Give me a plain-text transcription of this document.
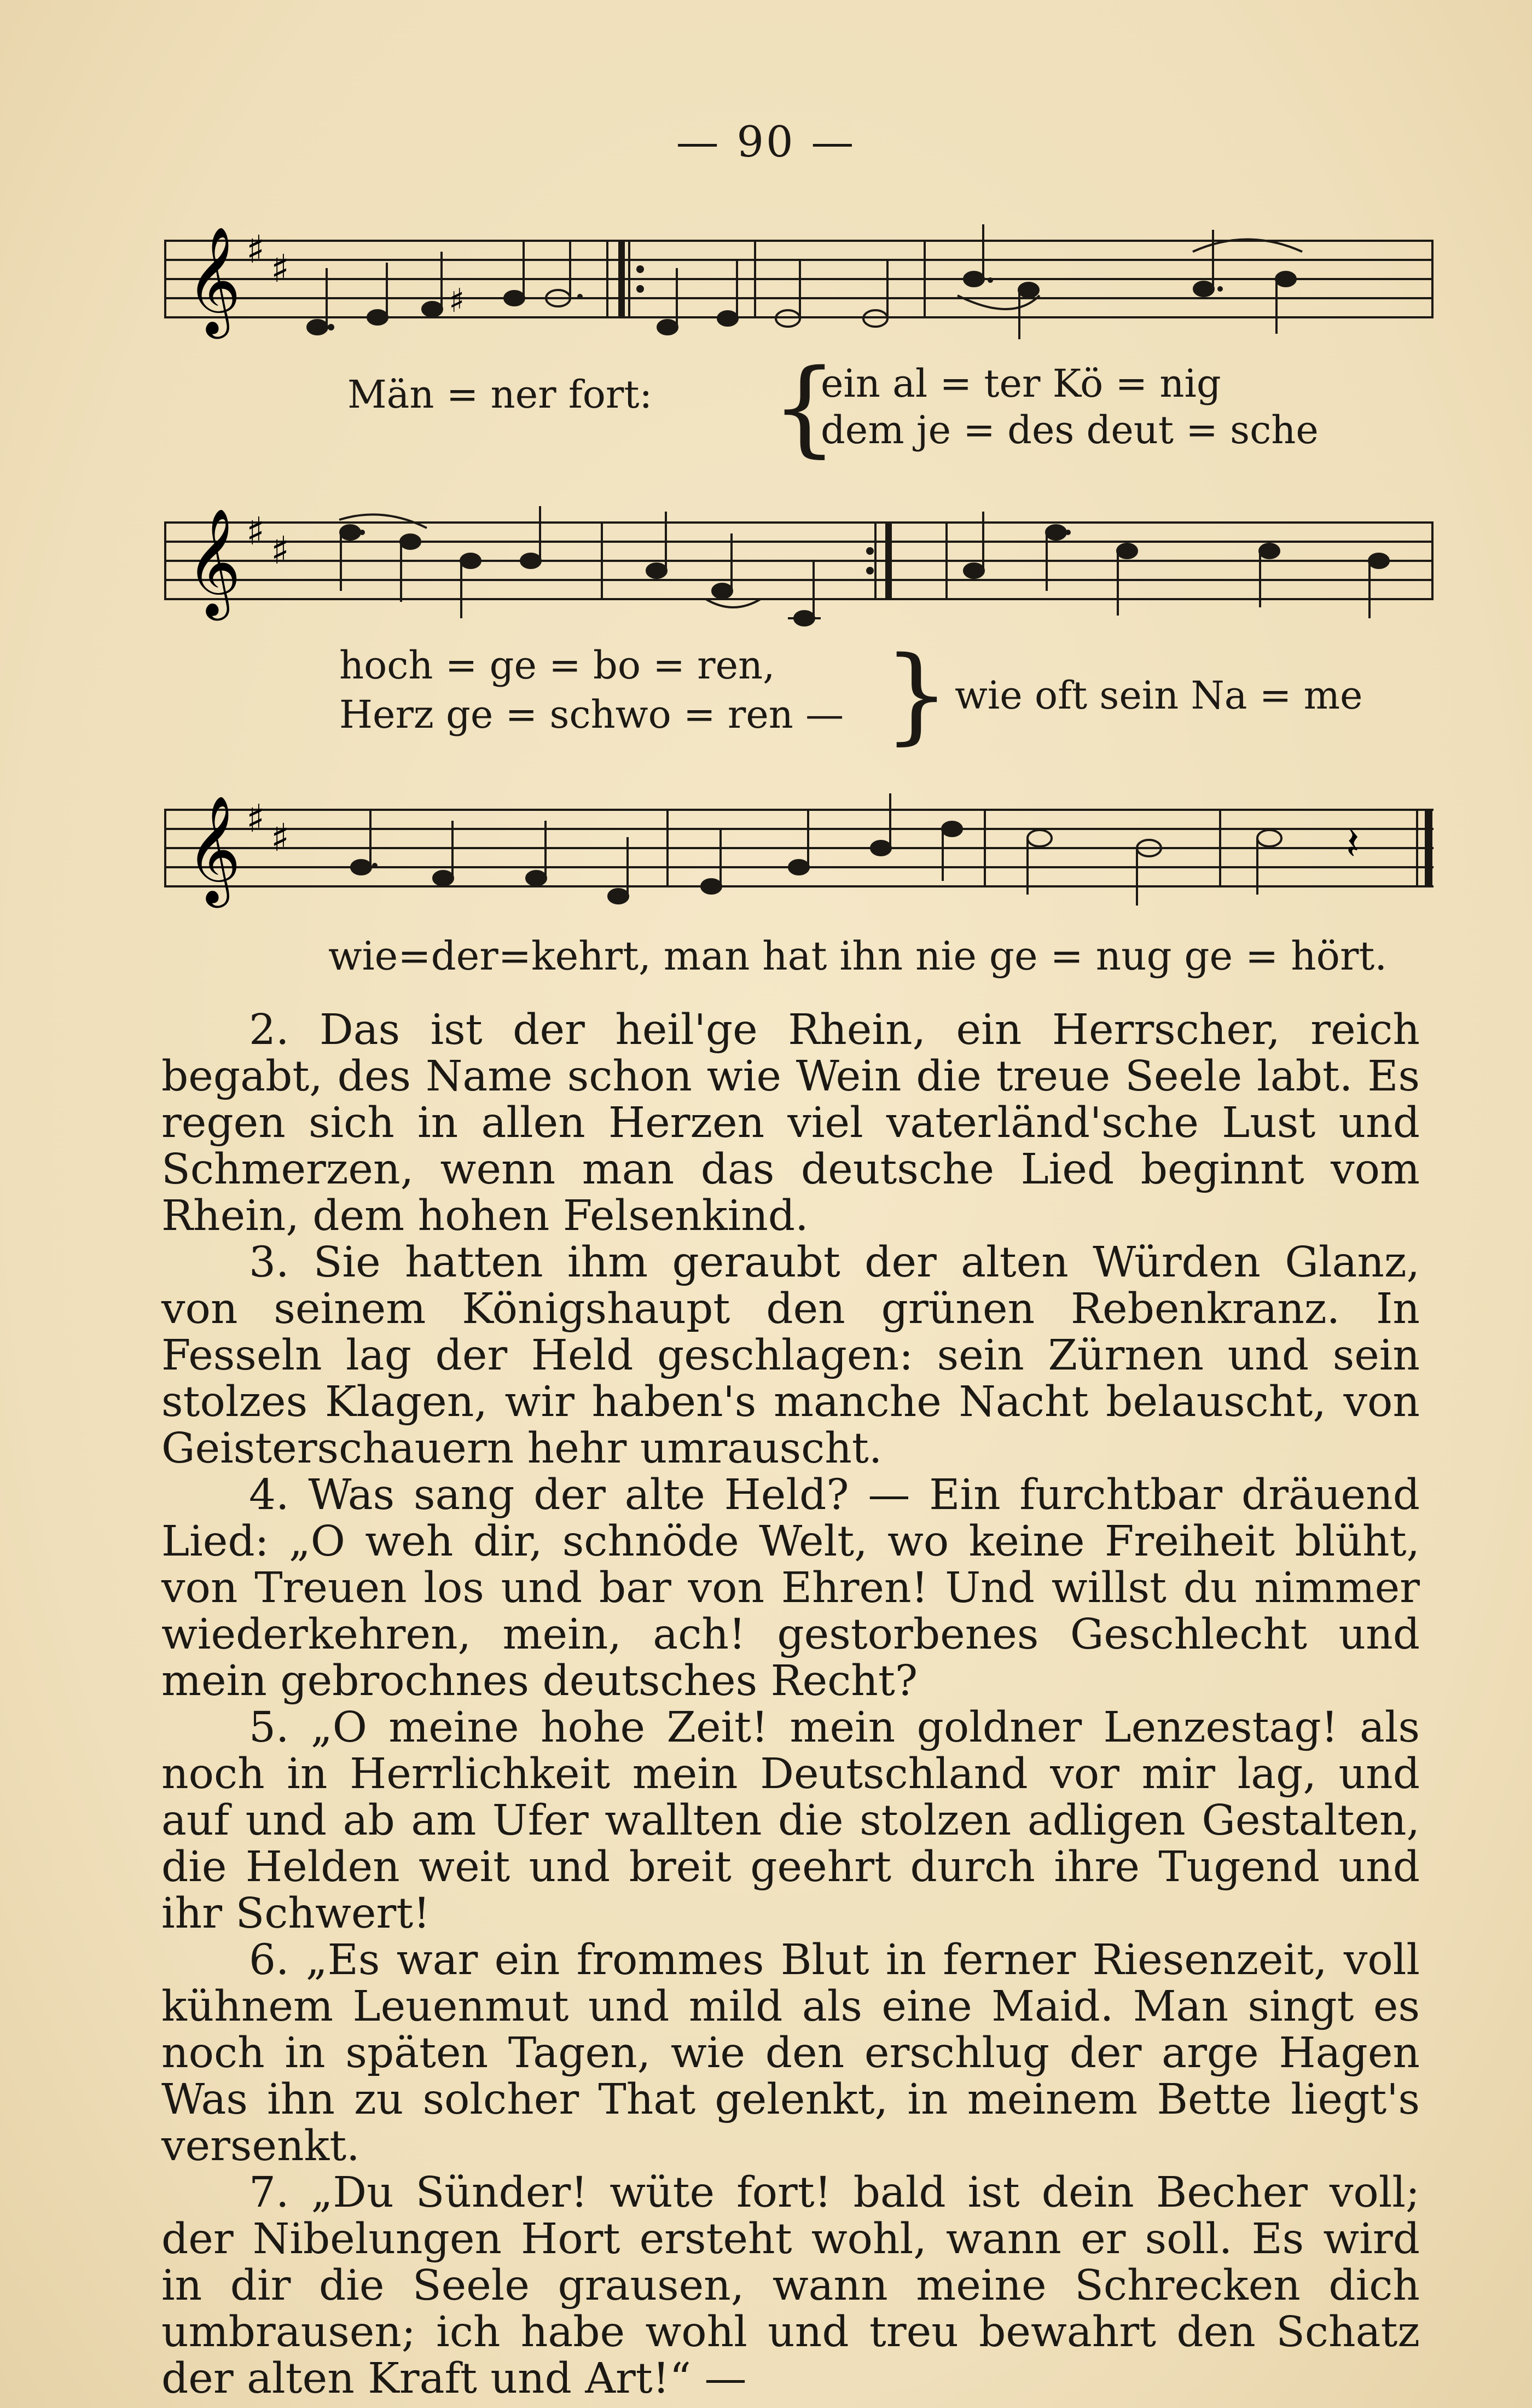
— 90 —
𝄞 ♯ ♯
♯
Män = ner fort: {
ein al = ter Kö = nig
dem je = des deut = sche
𝄞 ♯ ♯
hoch = ge = bo = ren,
Herz ge = schwo = ren — } wie oft sein Na = me
𝄞 ♯ ♯	𝄽
wie=der=kehrt, man hat ihn nie ge = nug ge = hört.

2. Das ist der heil'ge Rhein, ein Herrscher, reich begabt, des Name schon wie Wein die treue Seele labt. Es regen sich in allen Herzen viel vaterländ'sche Lust und Schmerzen, wenn man das deutsche Lied beginnt vom Rhein, dem hohen Felsenkind.

3. Sie hatten ihm geraubt der alten Würden Glanz, von seinem Königshaupt den grünen Rebenkranz. In Fesseln lag der Held geschlagen: sein Zürnen und sein stolzes Klagen, wir haben's manche Nacht belauscht, von Geisterschauern hehr umrauscht.

4. Was sang der alte Held? — Ein furchtbar dräuend Lied: „O weh dir, schnöde Welt, wo keine Freiheit blüht, von Treuen los und bar von Ehren! Und willst du nimmer wiederkehren, mein, ach! gestorbenes Geschlecht und mein gebrochnes deutsches Recht?

5. „O meine hohe Zeit! mein goldner Lenzestag! als noch in Herrlichkeit mein Deutschland vor mir lag, und auf und ab am Ufer wallten die stolzen adligen Gestalten, die Helden weit und breit geehrt durch ihre Tugend und ihr Schwert!

6. „Es war ein frommes Blut in ferner Riesenzeit, voll kühnem Leuenmut und mild als eine Maid. Man singt es noch in späten Tagen, wie den erschlug der arge Hagen Was ihn zu solcher That gelenkt, in meinem Bette liegt's versenkt.

7. „Du Sünder! wüte fort! bald ist dein Becher voll; der Nibelungen Hort ersteht wohl, wann er soll. Es wird in dir die Seele grausen, wann meine Schrecken dich umbrausen; ich habe wohl und treu bewahrt den Schatz der alten Kraft und Art!“ —
